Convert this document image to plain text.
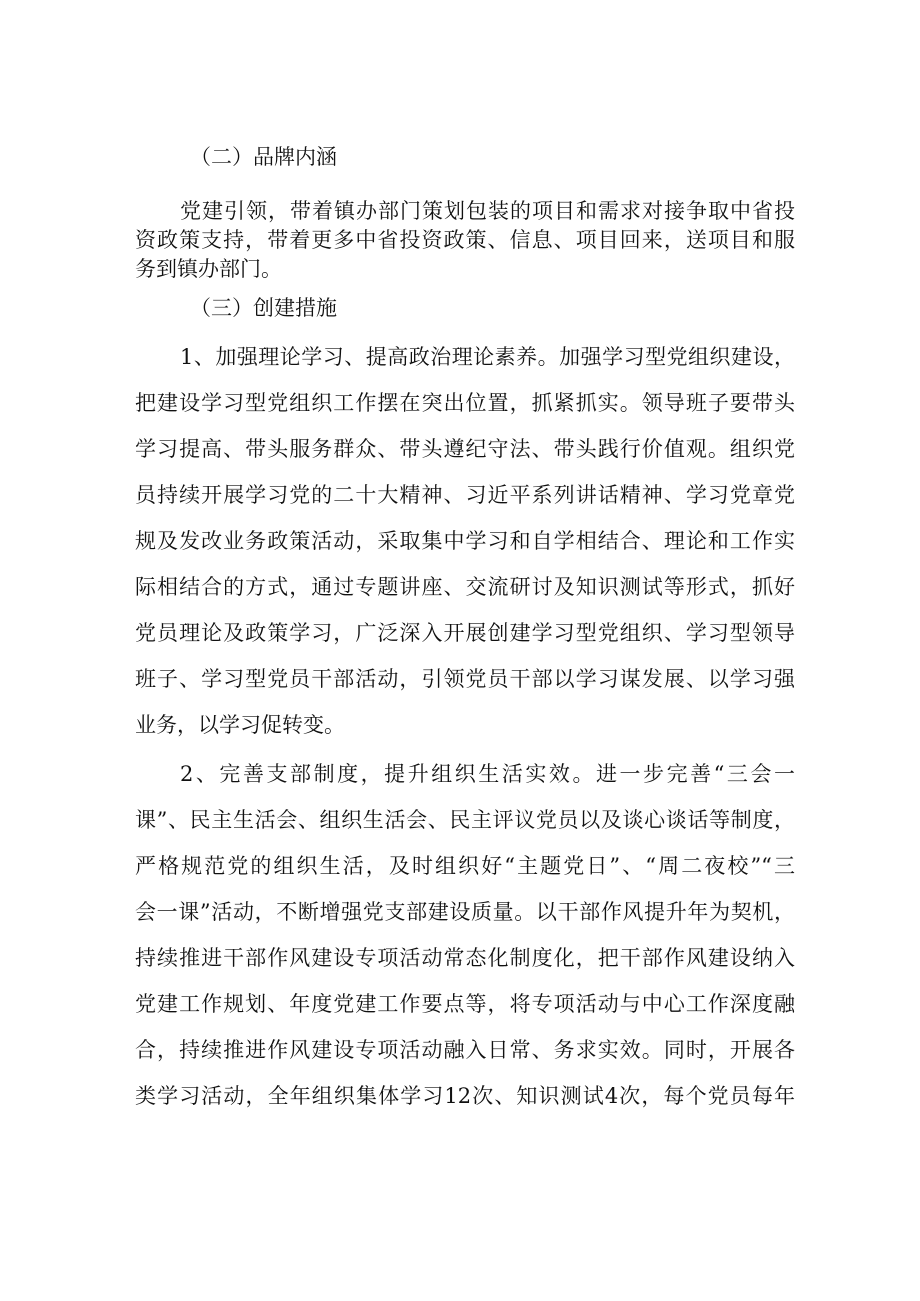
（二）品牌内涵
党建引领，带着镇办部门策划包装的项目和需求对接争取中省投
资政策支持，带着更多中省投资政策、信息、项目回来，送项目和服
务到镇办部门。
（三）创建措施
1、加强理论学习、提高政治理论素养。加强学习型党组织建设，
把建设学习型党组织工作摆在突出位置，抓紧抓实。领导班子要带头
学习提高、带头服务群众、带头遵纪守法、带头践行价值观。组织党
员持续开展学习党的二十大精神、习近平系列讲话精神、学习党章党
规及发改业务政策活动，采取集中学习和自学相结合、理论和工作实
际相结合的方式，通过专题讲座、交流研讨及知识测试等形式，抓好
党员理论及政策学习，广泛深入开展创建学习型党组织、学习型领导
班子、学习型党员干部活动，引领党员干部以学习谋发展、以学习强
业务，以学习促转变。
2、完善支部制度，提升组织生活实效。进一步完善“三会一
课”、民主生活会、组织生活会、民主评议党员以及谈心谈话等制度，
严格规范党的组织生活，及时组织好“主题党日”、“周二夜校”“三
会一课”活动，不断增强党支部建设质量。以干部作风提升年为契机，
持续推进干部作风建设专项活动常态化制度化，把干部作风建设纳入
党建工作规划、年度党建工作要点等，将专项活动与中心工作深度融
合，持续推进作风建设专项活动融入日常、务求实效。同时，开展各
类学习活动，全年组织集体学习12次、知识测试4次，每个党员每年
